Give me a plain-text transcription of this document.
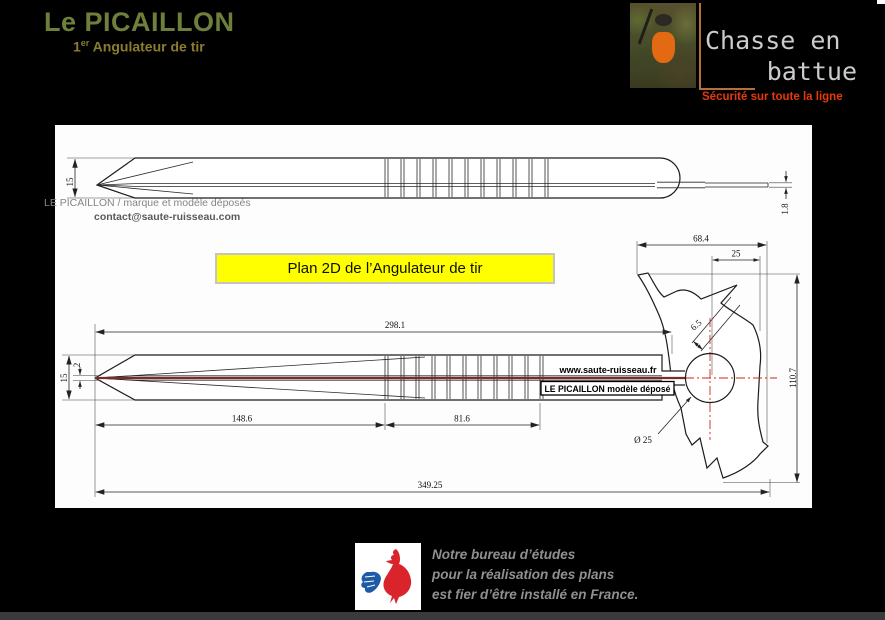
Le PICAILLON
1er Angulateur de tir	Chasse en
battue
Sécurité sur toute la ligne
15
1.8
68.4
25
110.7
6.5
www.saute-ruisseau.fr
LE PICAILLON modèle déposé
298.1
15
2
148.6	81.6
349.25
Ø 25
LE PICAILLON / marque et modèle déposés
contact@saute-ruisseau.com
Plan 2D de l’Angulateur de tir
Notre bureau d’études
pour la réalisation des plans
est fier d’être installé en France.
